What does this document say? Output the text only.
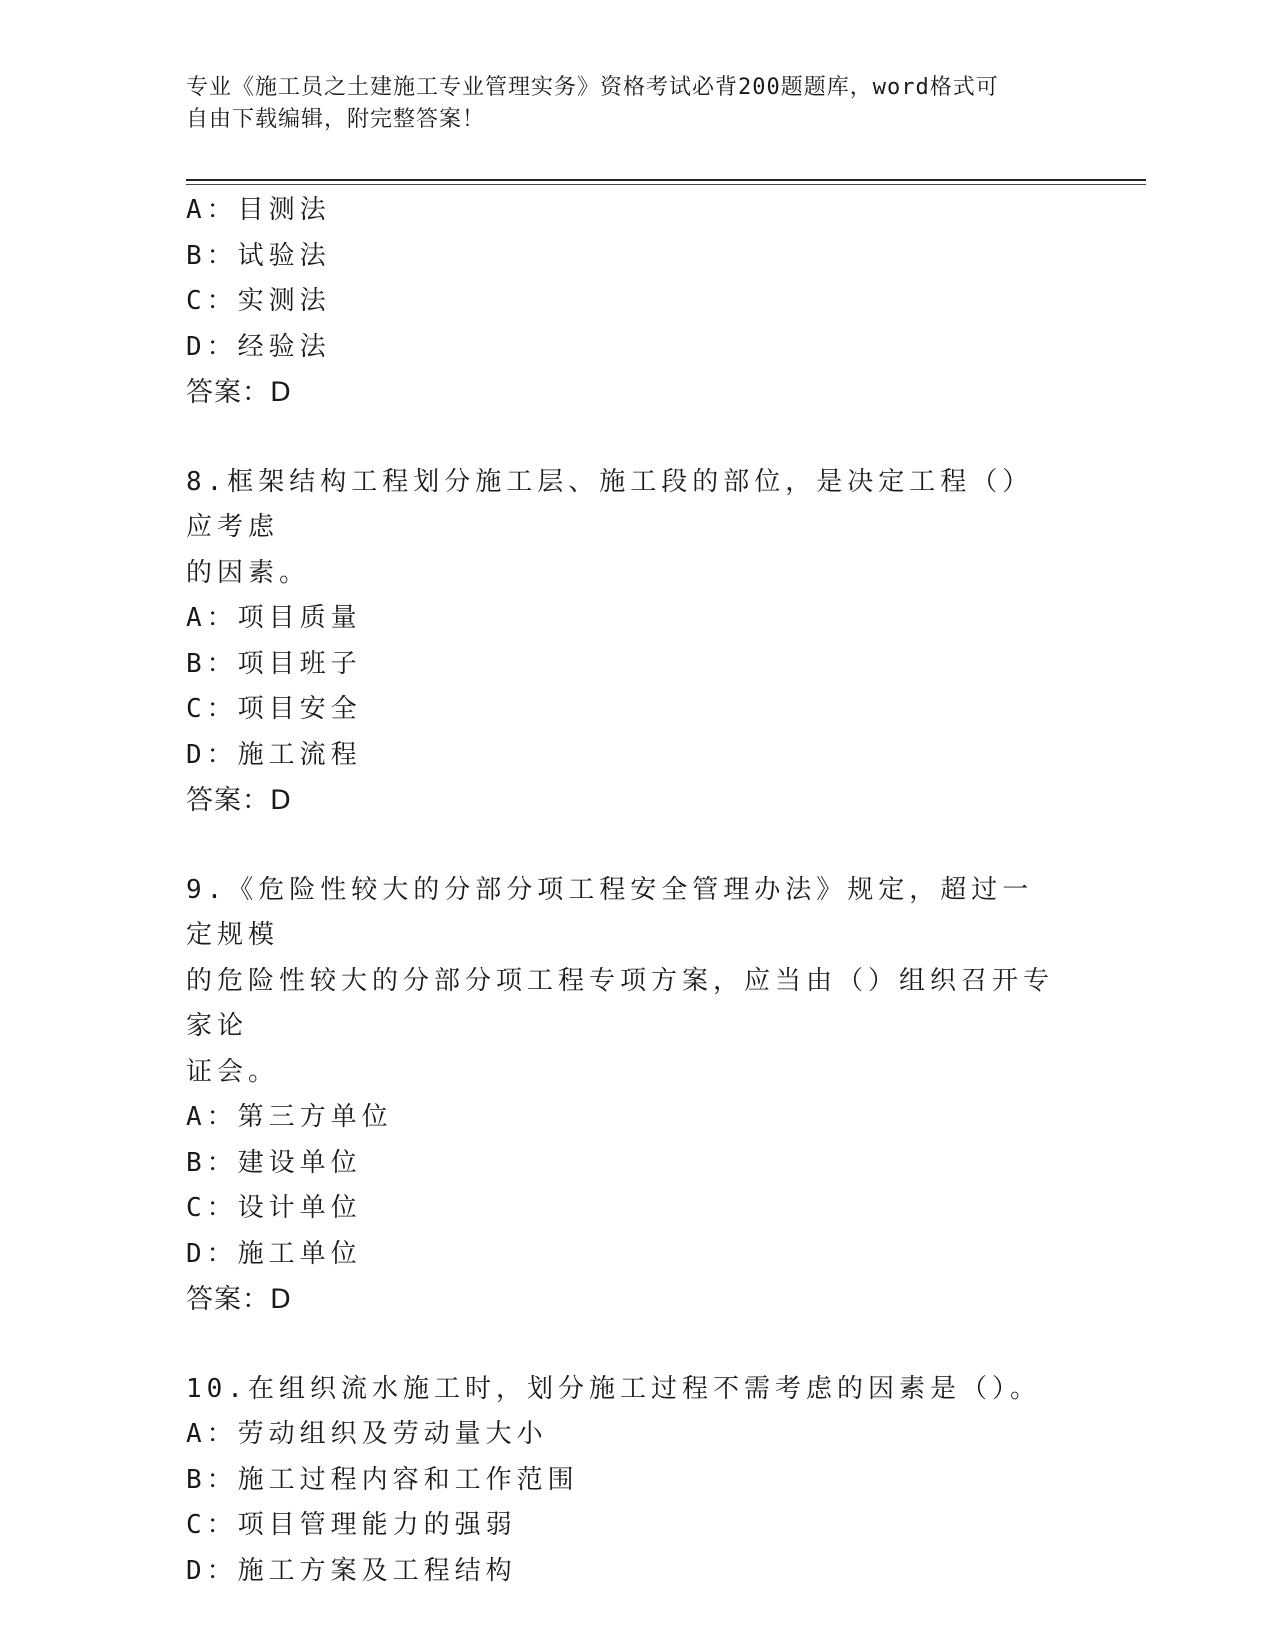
专业《施工员之土建施工专业管理实务》资格考试必背200题题库，word格式可
自由下载编辑，附完整答案！
A：目测法
B：试验法
C：实测法
D：经验法
答案：D
8.框架结构工程划分施工层、施工段的部位，是决定工程（）应考虑
的因素。
A：项目质量
B：项目班子
C：项目安全
D：施工流程
答案：D
9.《危险性较大的分部分项工程安全管理办法》规定，超过一定规模
的危险性较大的分部分项工程专项方案，应当由（）组织召开专家论
证会。
A：第三方单位
B：建设单位
C：设计单位
D：施工单位
答案：D
10.在组织流水施工时，划分施工过程不需考虑的因素是（）。
A：劳动组织及劳动量大小
B：施工过程内容和工作范围
C：项目管理能力的强弱
D：施工方案及工程结构
